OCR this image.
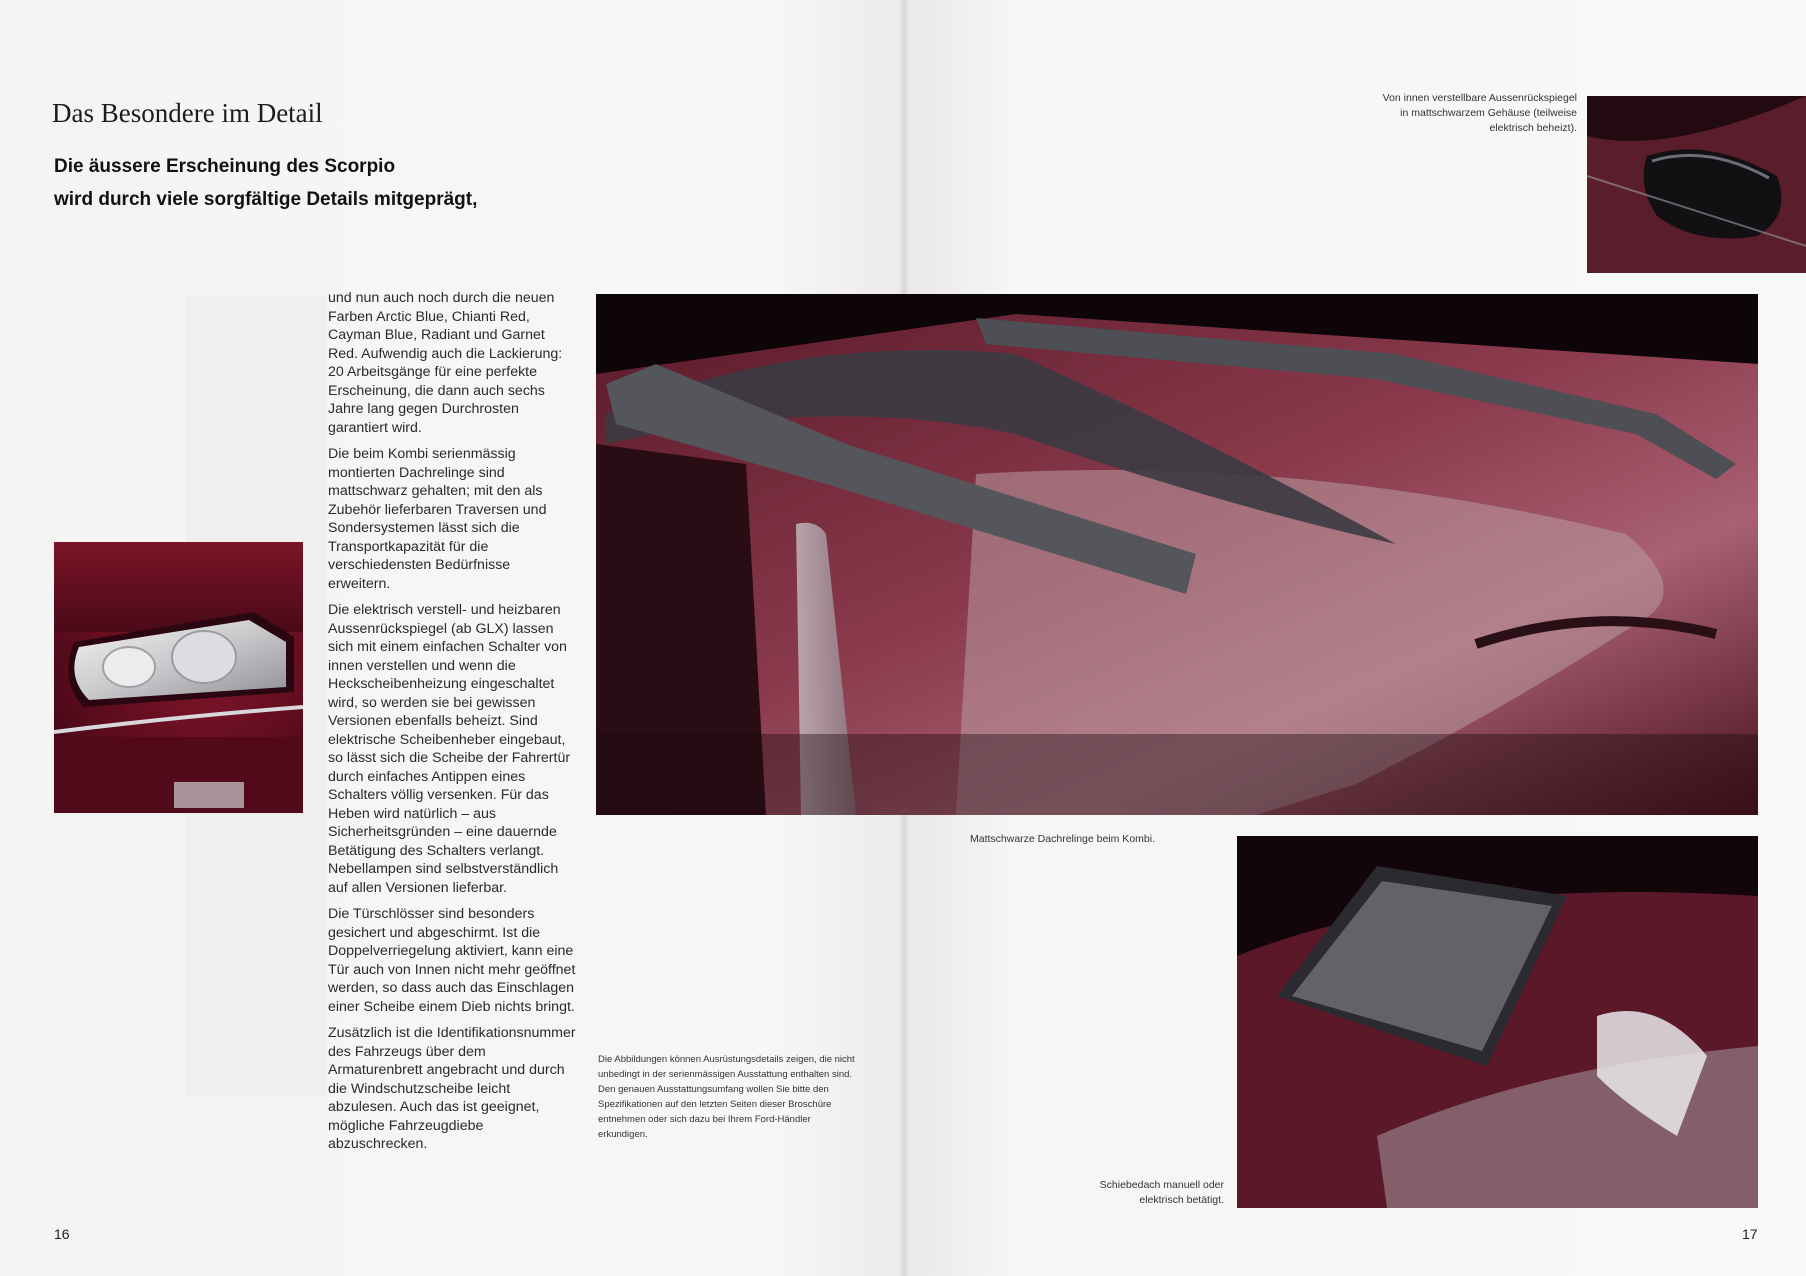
Das Besondere im Detail
Die äussere Erscheinung des Scorpio
wird durch viele sorgfältige Details mitgeprägt,

und nun auch noch durch die neuen Farben Arctic Blue, Chianti Red, Cayman Blue, Radiant und Garnet Red. Aufwendig auch die Lackierung: 20 Arbeitsgänge für eine perfekte Erscheinung, die dann auch sechs Jahre lang gegen Durchrosten garantiert wird.

Die beim Kombi serienmässig montierten Dachrelinge sind mattschwarz gehalten; mit den als Zubehör lieferbaren Traversen und Sondersystemen lässt sich die Transportkapazität für die verschiedensten Bedürfnisse erweitern.

Die elektrisch verstell- und heizbaren Aussenrückspiegel (ab GLX) lassen sich mit einem einfachen Schalter von innen verstellen und wenn die Heckscheibenheizung eingeschaltet wird, so werden sie bei gewissen Versionen ebenfalls beheizt. Sind elektrische Scheibenheber eingebaut, so lässt sich die Scheibe der Fahrertür durch einfaches Antippen eines Schalters völlig versenken. Für das Heben wird natürlich – aus Sicherheitsgründen – eine dauernde Betätigung des Schalters verlangt. Nebellampen sind selbstverständlich auf allen Versionen lieferbar.

Die Türschlösser sind besonders gesichert und abgeschirmt. Ist die Doppelverriegelung aktiviert, kann eine Tür auch von Innen nicht mehr geöffnet werden, so dass auch das Einschlagen einer Scheibe einem Dieb nichts bringt.

Zusätzlich ist die Identifikationsnummer des Fahrzeugs über dem Armaturenbrett angebracht und durch die Windschutzscheibe leicht abzulesen. Auch das ist geeignet, mögliche Fahrzeugdiebe abzuschrecken.

Von innen verstellbare Aussenrückspiegel in mattschwarzem Gehäuse (teilweise elektrisch beheizt).
Mattschwarze Dachrelinge beim Kombi.
Schiebedach manuell oder elektrisch betätigt.
Die Abbildungen können Ausrüstungsdetails zeigen, die nicht unbedingt in der serienmässigen Ausstattung enthalten sind. Den genauen Ausstattungsumfang wollen Sie bitte den Spezifikationen auf den letzten Seiten dieser Broschüre entnehmen oder sich dazu bei Ihrem Ford-Händler erkundigen.
16	17
